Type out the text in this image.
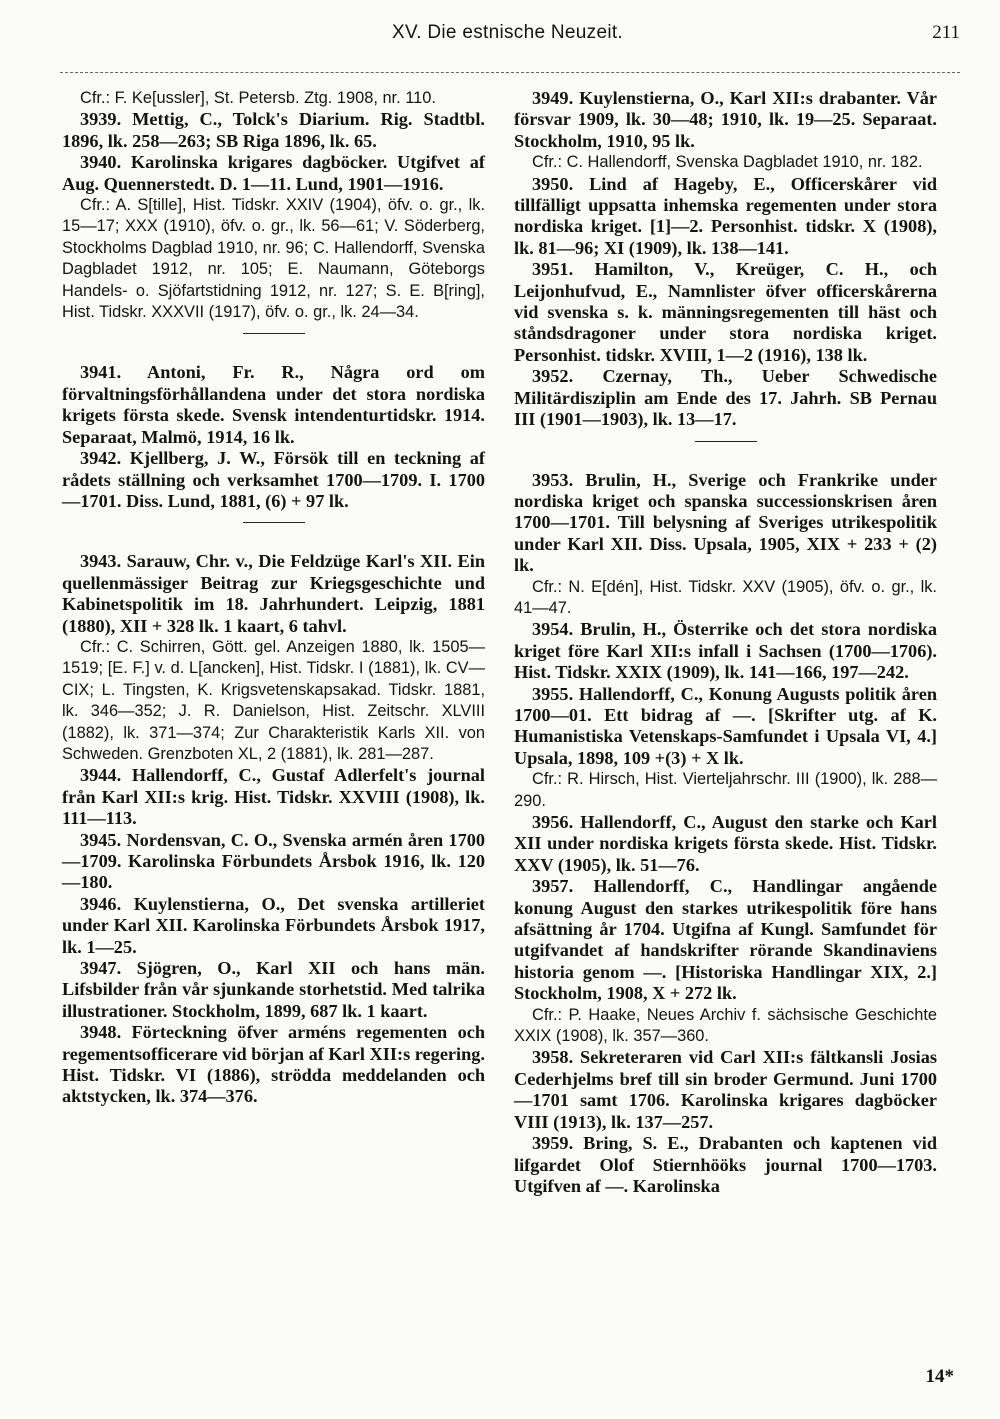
XV. Die estnische Neuzeit.	211

Cfr.: F. Ke[ussler], St. Petersb. Ztg. 1908, nr. 110.

3939. Mettig, C., Tolck's Diarium. Rig. Stadtbl. 1896, lk. 258—263; SB Riga 1896, lk. 65.

3940. Karolinska krigares dagböcker. Utgifvet af Aug. Quennerstedt. D. 1—11. Lund, 1901—1916.

Cfr.: A. S[tille], Hist. Tidskr. XXIV (1904), öfv. o. gr., lk. 15—17; XXX (1910), öfv. o. gr., lk. 56—61; V. Söderberg, Stockholms Dagblad 1910, nr. 96; C. Hallendorff, Svenska Dagbladet 1912, nr. 105; E. Naumann, Göteborgs Handels- o. Sjöfartstidning 1912, nr. 127; S. E. B[ring], Hist. Tidskr. XXXVII (1917), öfv. o. gr., lk. 24—34.

3941. Antoni, Fr. R., Några ord om förvaltningsförhållandena under det stora nordiska krigets första skede. Svensk intendenturtidskr. 1914. Separaat, Malmö, 1914, 16 lk.

3942. Kjellberg, J. W., Försök till en teckning af rådets ställning och verksamhet 1700—1709. I. 1700—1701. Diss. Lund, 1881, (6) + 97 lk.

3943. Sarauw, Chr. v., Die Feldzüge Karl's XII. Ein quellenmässiger Beitrag zur Kriegsgeschichte und Kabinetspolitik im 18. Jahrhundert. Leipzig, 1881 (1880), XII + 328 lk. 1 kaart, 6 tahvl.

Cfr.: C. Schirren, Gött. gel. Anzeigen 1880, lk. 1505—1519; [E. F.] v. d. L[ancken], Hist. Tidskr. I (1881), lk. CV—CIX; L. Tingsten, K. Krigsvetenskapsakad. Tidskr. 1881, lk. 346—352; J. R. Danielson, Hist. Zeitschr. XLVIII (1882), lk. 371—374; Zur Charakteristik Karls XII. von Schweden. Grenzboten XL, 2 (1881), lk. 281—287.

3944. Hallendorff, C., Gustaf Adlerfelt's journal från Karl XII:s krig. Hist. Tidskr. XXVIII (1908), lk. 111—113.

3945. Nordensvan, C. O., Svenska armén åren 1700—1709. Karolinska Förbundets Årsbok 1916, lk. 120—180.

3946. Kuylenstierna, O., Det svenska artilleriet under Karl XII. Karolinska Förbundets Årsbok 1917, lk. 1—25.

3947. Sjögren, O., Karl XII och hans män. Lifsbilder från vår sjunkande storhetstid. Med talrika illustrationer. Stockholm, 1899, 687 lk. 1 kaart.

3948. Förteckning öfver arméns regementen och regementsofficerare vid början af Karl XII:s regering. Hist. Tidskr. VI (1886), strödda meddelanden och aktstycken, lk. 374—376.

3949. Kuylenstierna, O., Karl XII:s drabanter. Vår försvar 1909, lk. 30—48; 1910, lk. 19—25. Separaat. Stockholm, 1910, 95 lk.

Cfr.: C. Hallendorff, Svenska Dagbladet 1910, nr. 182.

3950. Lind af Hageby, E., Officerskårer vid tillfälligt uppsatta inhemska regementen under stora nordiska kriget. [1]—2. Personhist. tidskr. X (1908), lk. 81—96; XI (1909), lk. 138—141.

3951. Hamilton, V., Kreüger, C. H., och Leijonhufvud, E., Namnlister öfver officerskårerna vid svenska s. k. männingsregementen till häst och ståndsdragoner under stora nordiska kriget. Personhist. tidskr. XVIII, 1—2 (1916), 138 lk.

3952. Czernay, Th., Ueber Schwedische Militärdisziplin am Ende des 17. Jahrh. SB Pernau III (1901—1903), lk. 13—17.

3953. Brulin, H., Sverige och Frankrike under nordiska kriget och spanska successionskrisen åren 1700—1701. Till belysning af Sveriges utrikespolitik under Karl XII. Diss. Upsala, 1905, XIX + 233 + (2) lk.

Cfr.: N. E[dén], Hist. Tidskr. XXV (1905), öfv. o. gr., lk. 41—47.

3954. Brulin, H., Österrike och det stora nordiska kriget före Karl XII:s infall i Sachsen (1700—1706). Hist. Tidskr. XXIX (1909), lk. 141—166, 197—242.

3955. Hallendorff, C., Konung Augusts politik åren 1700—01. Ett bidrag af —. [Skrifter utg. af K. Humanistiska Vetenskaps-Samfundet i Upsala VI, 4.] Upsala, 1898, 109 +(3) + X lk.

Cfr.: R. Hirsch, Hist. Vierteljahrschr. III (1900), lk. 288—290.

3956. Hallendorff, C., August den starke och Karl XII under nordiska krigets första skede. Hist. Tidskr. XXV (1905), lk. 51—76.

3957. Hallendorff, C., Handlingar angående konung August den starkes utrikespolitik före hans afsättning år 1704. Utgifna af Kungl. Samfundet för utgifvandet af handskrifter rörande Skandinaviens historia genom —. [Historiska Handlingar XIX, 2.] Stockholm, 1908, X + 272 lk.

Cfr.: P. Haake, Neues Archiv f. sächsische Geschichte XXIX (1908), lk. 357—360.

3958. Sekreteraren vid Carl XII:s fältkansli Josias Cederhjelms bref till sin broder Germund. Juni 1700—1701 samt 1706. Karolinska krigares dagböcker VIII (1913), lk. 137—257.

3959. Bring, S. E., Drabanten och kaptenen vid lifgardet Olof Stiernhööks journal 1700—1703. Utgifven af —. Karolinska

14*
